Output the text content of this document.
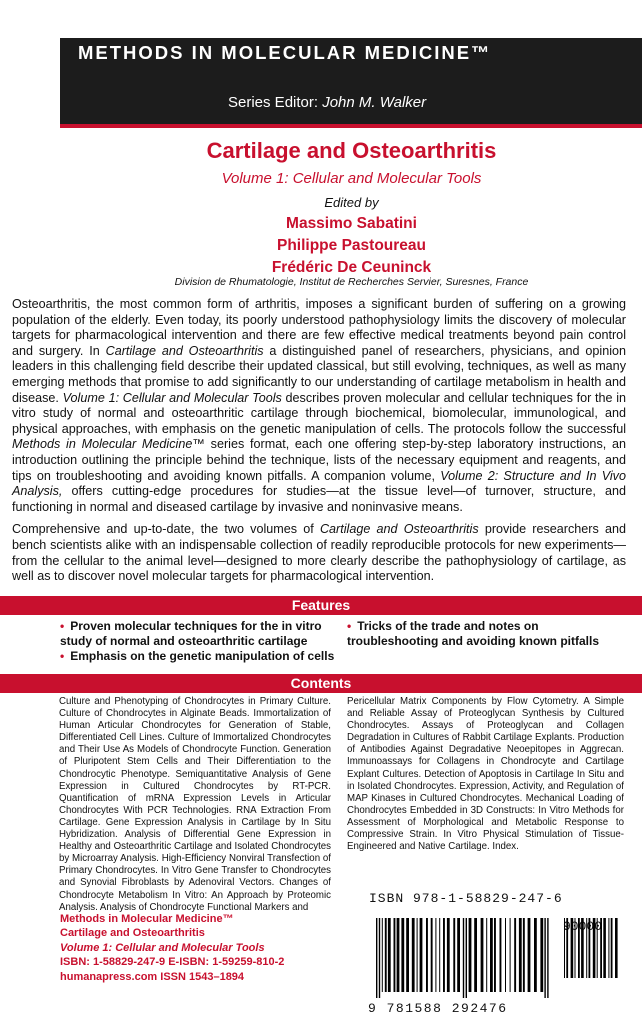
METHODS IN MOLECULAR MEDICINE™
Series Editor: John M. Walker
Cartilage and Osteoarthritis
Volume 1: Cellular and Molecular Tools
Edited by
Massimo Sabatini
Philippe Pastoureau
Frédéric De Ceuninck
Division de Rhumatologie, Institut de Recherches Servier, Suresnes, France

Osteoarthritis, the most common form of arthritis, imposes a significant burden of suffering on a growing population of the elderly. Even today, its poorly understood pathophysiology limits the discovery of molecular targets for pharmacological intervention and there are few effective medical treatments beyond pain control and surgery. In Cartilage and Osteoarthritis a distinguished panel of researchers, physicians, and opinion leaders in this challenging field describe their updated classical, but still evolving, techniques, as well as many emerging methods that promise to add significantly to our understanding of cartilage metabolism in health and disease. Volume 1: Cellular and Molecular Tools describes proven molecular and cellular techniques for the in vitro study of normal and osteoarthritic cartilage through biochemical, biomolecular, immunological, and physical approaches, with emphasis on the genetic manipulation of cells. The protocols follow the successful Methods in Molecular Medicine™ series format, each one offering step-by-step laboratory instructions, an introduction outlining the principle behind the technique, lists of the necessary equipment and reagents, and tips on troubleshooting and avoiding known pitfalls. A companion volume, Volume 2: Structure and In Vivo Analysis, offers cutting-edge procedures for studies—at the tissue level—of turnover, structure, and functioning in normal and diseased cartilage by invasive and noninvasive means.

Comprehensive and up-to-date, the two volumes of Cartilage and Osteoarthritis provide researchers and bench scientists alike with an indispensable collection of readily reproducible protocols for new experiments—from the cellular to the animal level—designed to more clearly describe the pathophysiology of cartilage, as well as to discover novel molecular targets for pharmacological intervention.

Features
• Proven molecular techniques for the in vitro study of normal and osteoarthritic cartilage
• Emphasis on the genetic manipulation of cells
• Tricks of the trade and notes on troubleshooting and avoiding known pitfalls
Contents
Culture and Phenotyping of Chondrocytes in Primary Culture. Culture of Chondrocytes in Alginate Beads. Immortalization of Human Articular Chondrocytes for Generation of Stable, Differentiated Cell Lines. Culture of Immortalized Chondrocytes and Their Use As Models of Chondrocyte Function. Generation of Pluripotent Stem Cells and Their Differentiation to the Chondrocytic Phenotype. Semiquantitative Analysis of Gene Expression in Cultured Chondrocytes by RT-PCR. Quantification of mRNA Expression Levels in Articular Chondrocytes With PCR Technologies. RNA Extraction From Cartilage. Gene Expression Analysis in Cartilage by In Situ Hybridization. Analysis of Differential Gene Expression in Healthy and Osteoarthritic Cartilage and Isolated Chondrocytes by Microarray Analysis. High-Efficiency Nonviral Transfection of Primary Chondrocytes. In Vitro Gene Transfer to Chondrocytes and Synovial Fibroblasts by Adenoviral Vectors. Changes of Chondrocyte Metabolism In Vitro: An Approach by Proteomic Analysis. Analysis of Chondrocyte Functional Markers and
Pericellular Matrix Components by Flow Cytometry. A Simple and Reliable Assay of Proteoglycan Synthesis by Cultured Chondrocytes. Assays of Proteoglycan and Collagen Degradation in Cultures of Rabbit Cartilage Explants. Production of Antibodies Against Degradative Neoepitopes in Aggrecan. Immunoassays for Collagens in Chondrocyte and Cartilage Explant Cultures. Detection of Apoptosis in Cartilage In Situ and in Isolated Chondrocytes. Expression, Activity, and Regulation of MAP Kinases in Cultured Chondrocytes. Mechanical Loading of Chondrocytes Embedded in 3D Constructs: In Vitro Methods for Assessment of Morphological and Metabolic Response to Compressive Strain. In Vitro Physical Stimulation of Tissue-Engineered and Native Cartilage. Index.
Methods in Molecular Medicine™
Cartilage and Osteoarthritis
Volume 1: Cellular and Molecular Tools
ISBN: 1-58829-247-9 E-ISBN: 1-59259-810-2
humanapress.com ISSN 1543–1894
ISBN 978-1-58829-247-6
9 781588 292476
